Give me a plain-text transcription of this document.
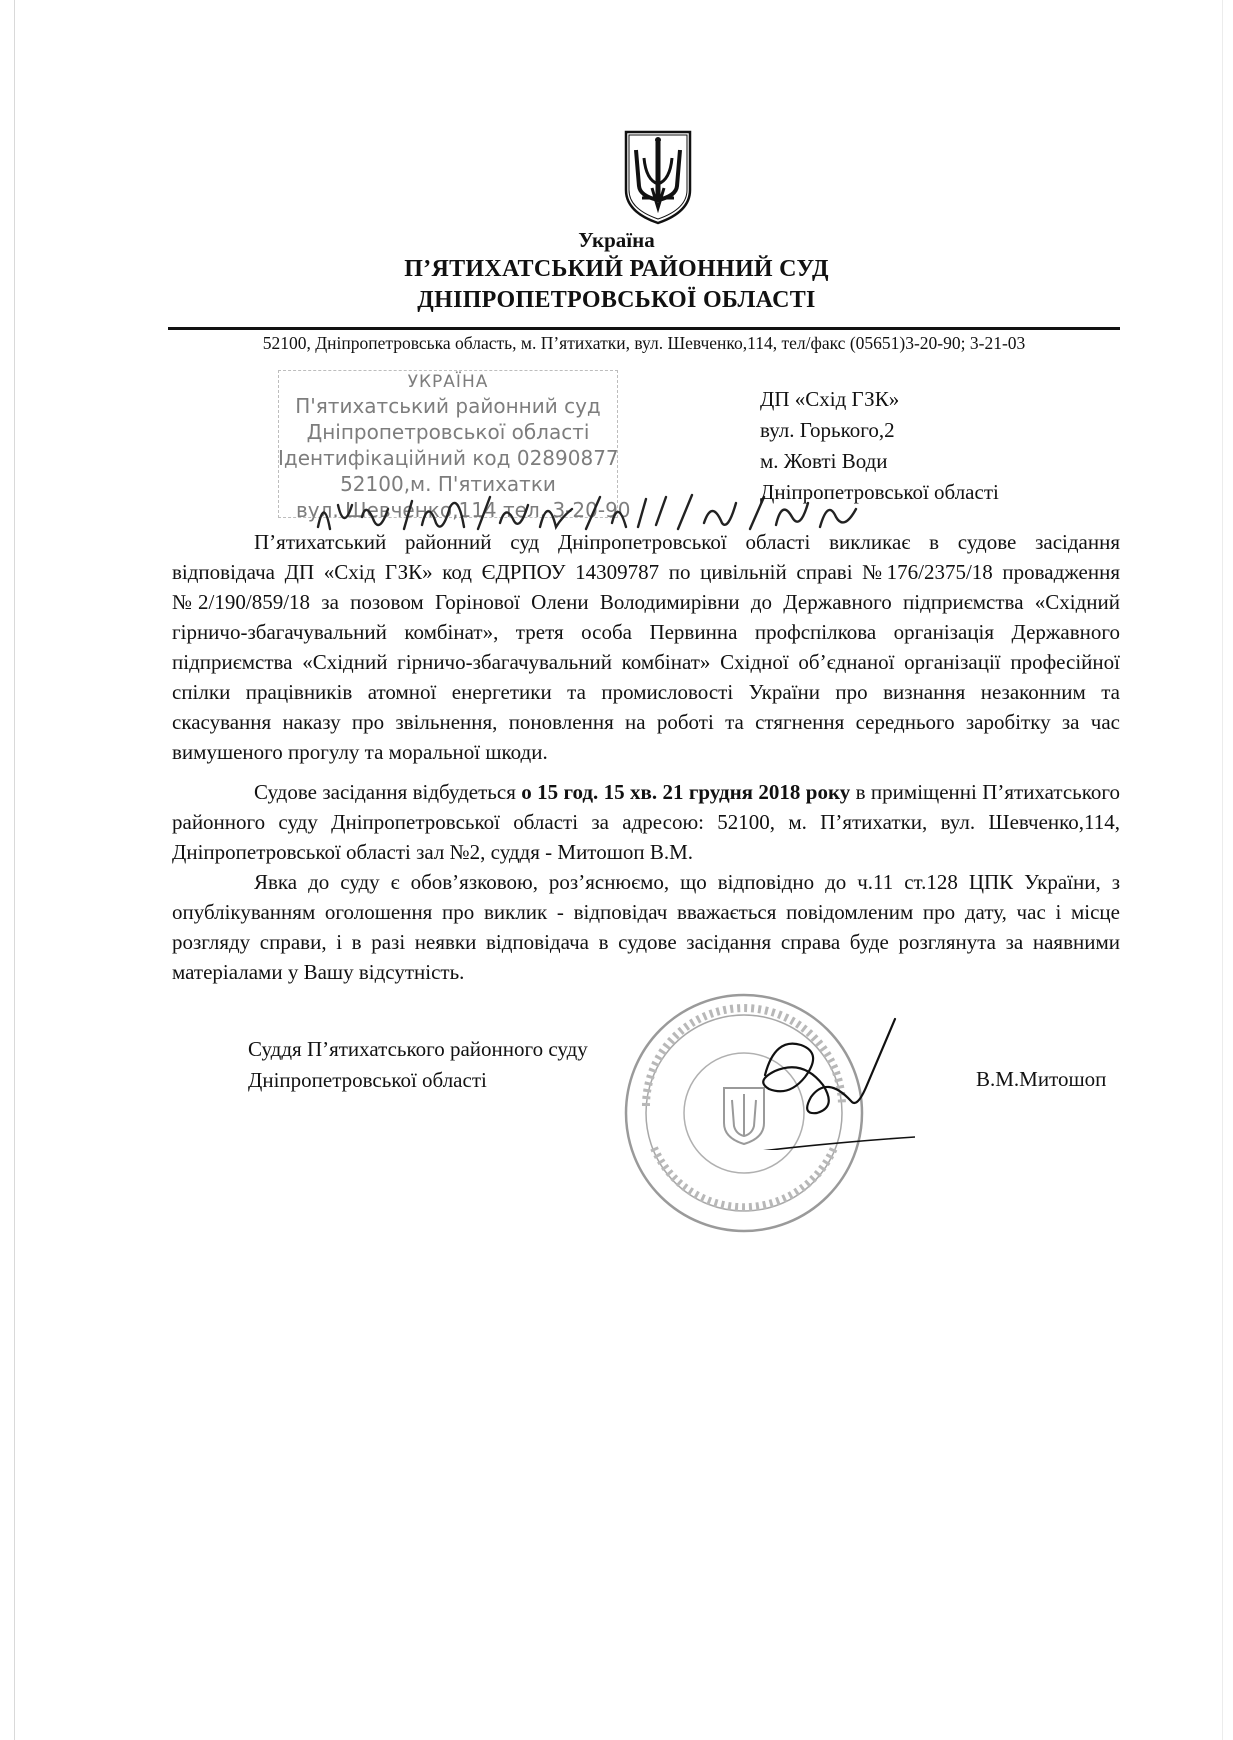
Україна
П’ЯТИХАТСЬКИЙ РАЙОННИЙ СУД
ДНІПРОПЕТРОВСЬКОЇ ОБЛАСТІ
52100, Дніпропетровська область, м. П’ятихатки, вул. Шевченко,114, тел/факс (05651)3-20-90; 3-21-03
УКРАЇНА
П'ятихатський районний суд
Дніпропетровської області
Ідентифікаційний код 02890877
52100,м. П'ятихатки
вул. Шевченко,114 тел. 3-20-90
ДП «Схід ГЗК»
вул. Горького,2
м. Жовті Води
Дніпропетровської області
П’ятихатський районний суд Дніпропетровської області викликає в судове засідання відповідача ДП «Схід ГЗК» код ЄДРПОУ 14309787 по цивільній справі №176/2375/18 провадження №2/190/859/18 за позовом Горінової Олени Володимирівни до Державного підприємства «Східний гірничо-збагачувальний комбінат», третя особа Первинна профспілкова організація Державного підприємства «Східний гірничо-збагачувальний комбінат» Східної об’єднаної організації професійної спілки працівників атомної енергетики та промисловості України про визнання незаконним та скасування наказу про звільнення, поновлення на роботі та стягнення середнього заробітку за час вимушеного прогулу та моральної шкоди.
Судове засідання відбудеться о 15 год. 15 хв. 21 грудня 2018 року в приміщенні П’ятихатського районного суду Дніпропетровської області за адресою: 52100, м. П’ятихатки, вул. Шевченко,114, Дніпропетровської області зал №2, суддя - Митошоп В.М.
Явка до суду є обов’язковою, роз’яснюємо, що відповідно до ч.11 ст.128 ЦПК України, з опублікуванням оголошення про виклик - відповідач вважається повідомленим про дату, час і місце розгляду справи, і в разі неявки відповідача в судове засідання справа буде розглянута за наявними матеріалами у Вашу відсутність.
Суддя П’ятихатського районного суду
Дніпропетровської області	В.М.Митошоп
